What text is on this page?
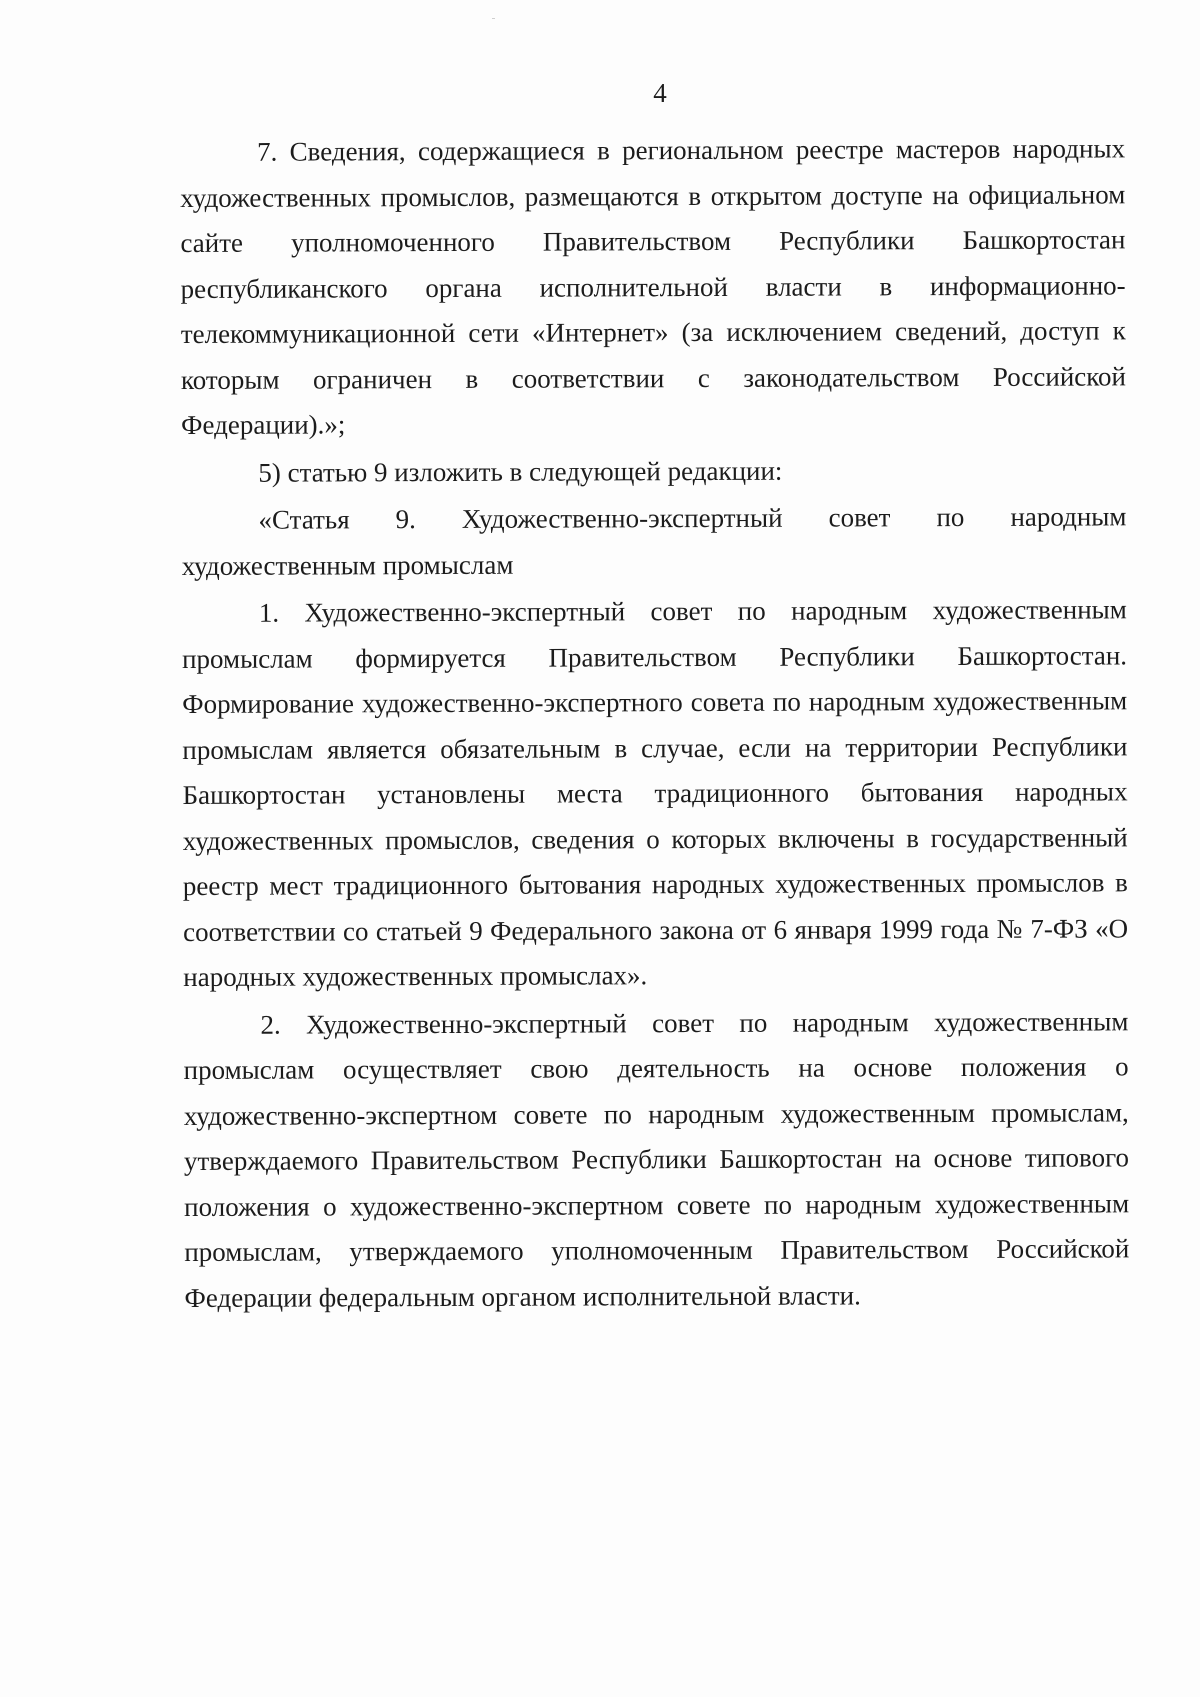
4

7. Сведения, содержащиеся в региональном реестре мастеров народных художественных промыслов, размещаются в открытом доступе на официальном сайте уполномоченного Правительством Республики Башкортостан республиканского органа исполнительной власти в информационно-телекоммуникационной сети «Интернет» (за исключением сведений, доступ к которым ограничен в соответствии с законодательством Российской Федерации).»;

5) статью 9 изложить в следующей редакции:

«Статья 9. Художественно-экспертный совет по народным художественным промыслам

1. Художественно-экспертный совет по народным художественным промыслам формируется Правительством Республики Башкортостан. Формирование художественно-экспертного совета по народным художественным промыслам является обязательным в случае, если на территории Республики Башкортостан установлены места традиционного бытования народных художественных промыслов, сведения о которых включены в государственный реестр мест традиционного бытования народных художественных промыслов в соответствии со статьей 9 Федерального закона от 6 января 1999 года № 7-ФЗ «О народных художественных промыслах».

2. Художественно-экспертный совет по народным художественным промыслам осуществляет свою деятельность на основе положения о художественно-экспертном совете по народным художественным промыслам, утверждаемого Правительством Республики Башкортостан на основе типового положения о художественно-экспертном совете по народным художественным промыслам, утверждаемого уполномоченным Правительством Российской Федерации федеральным органом исполнительной власти.
